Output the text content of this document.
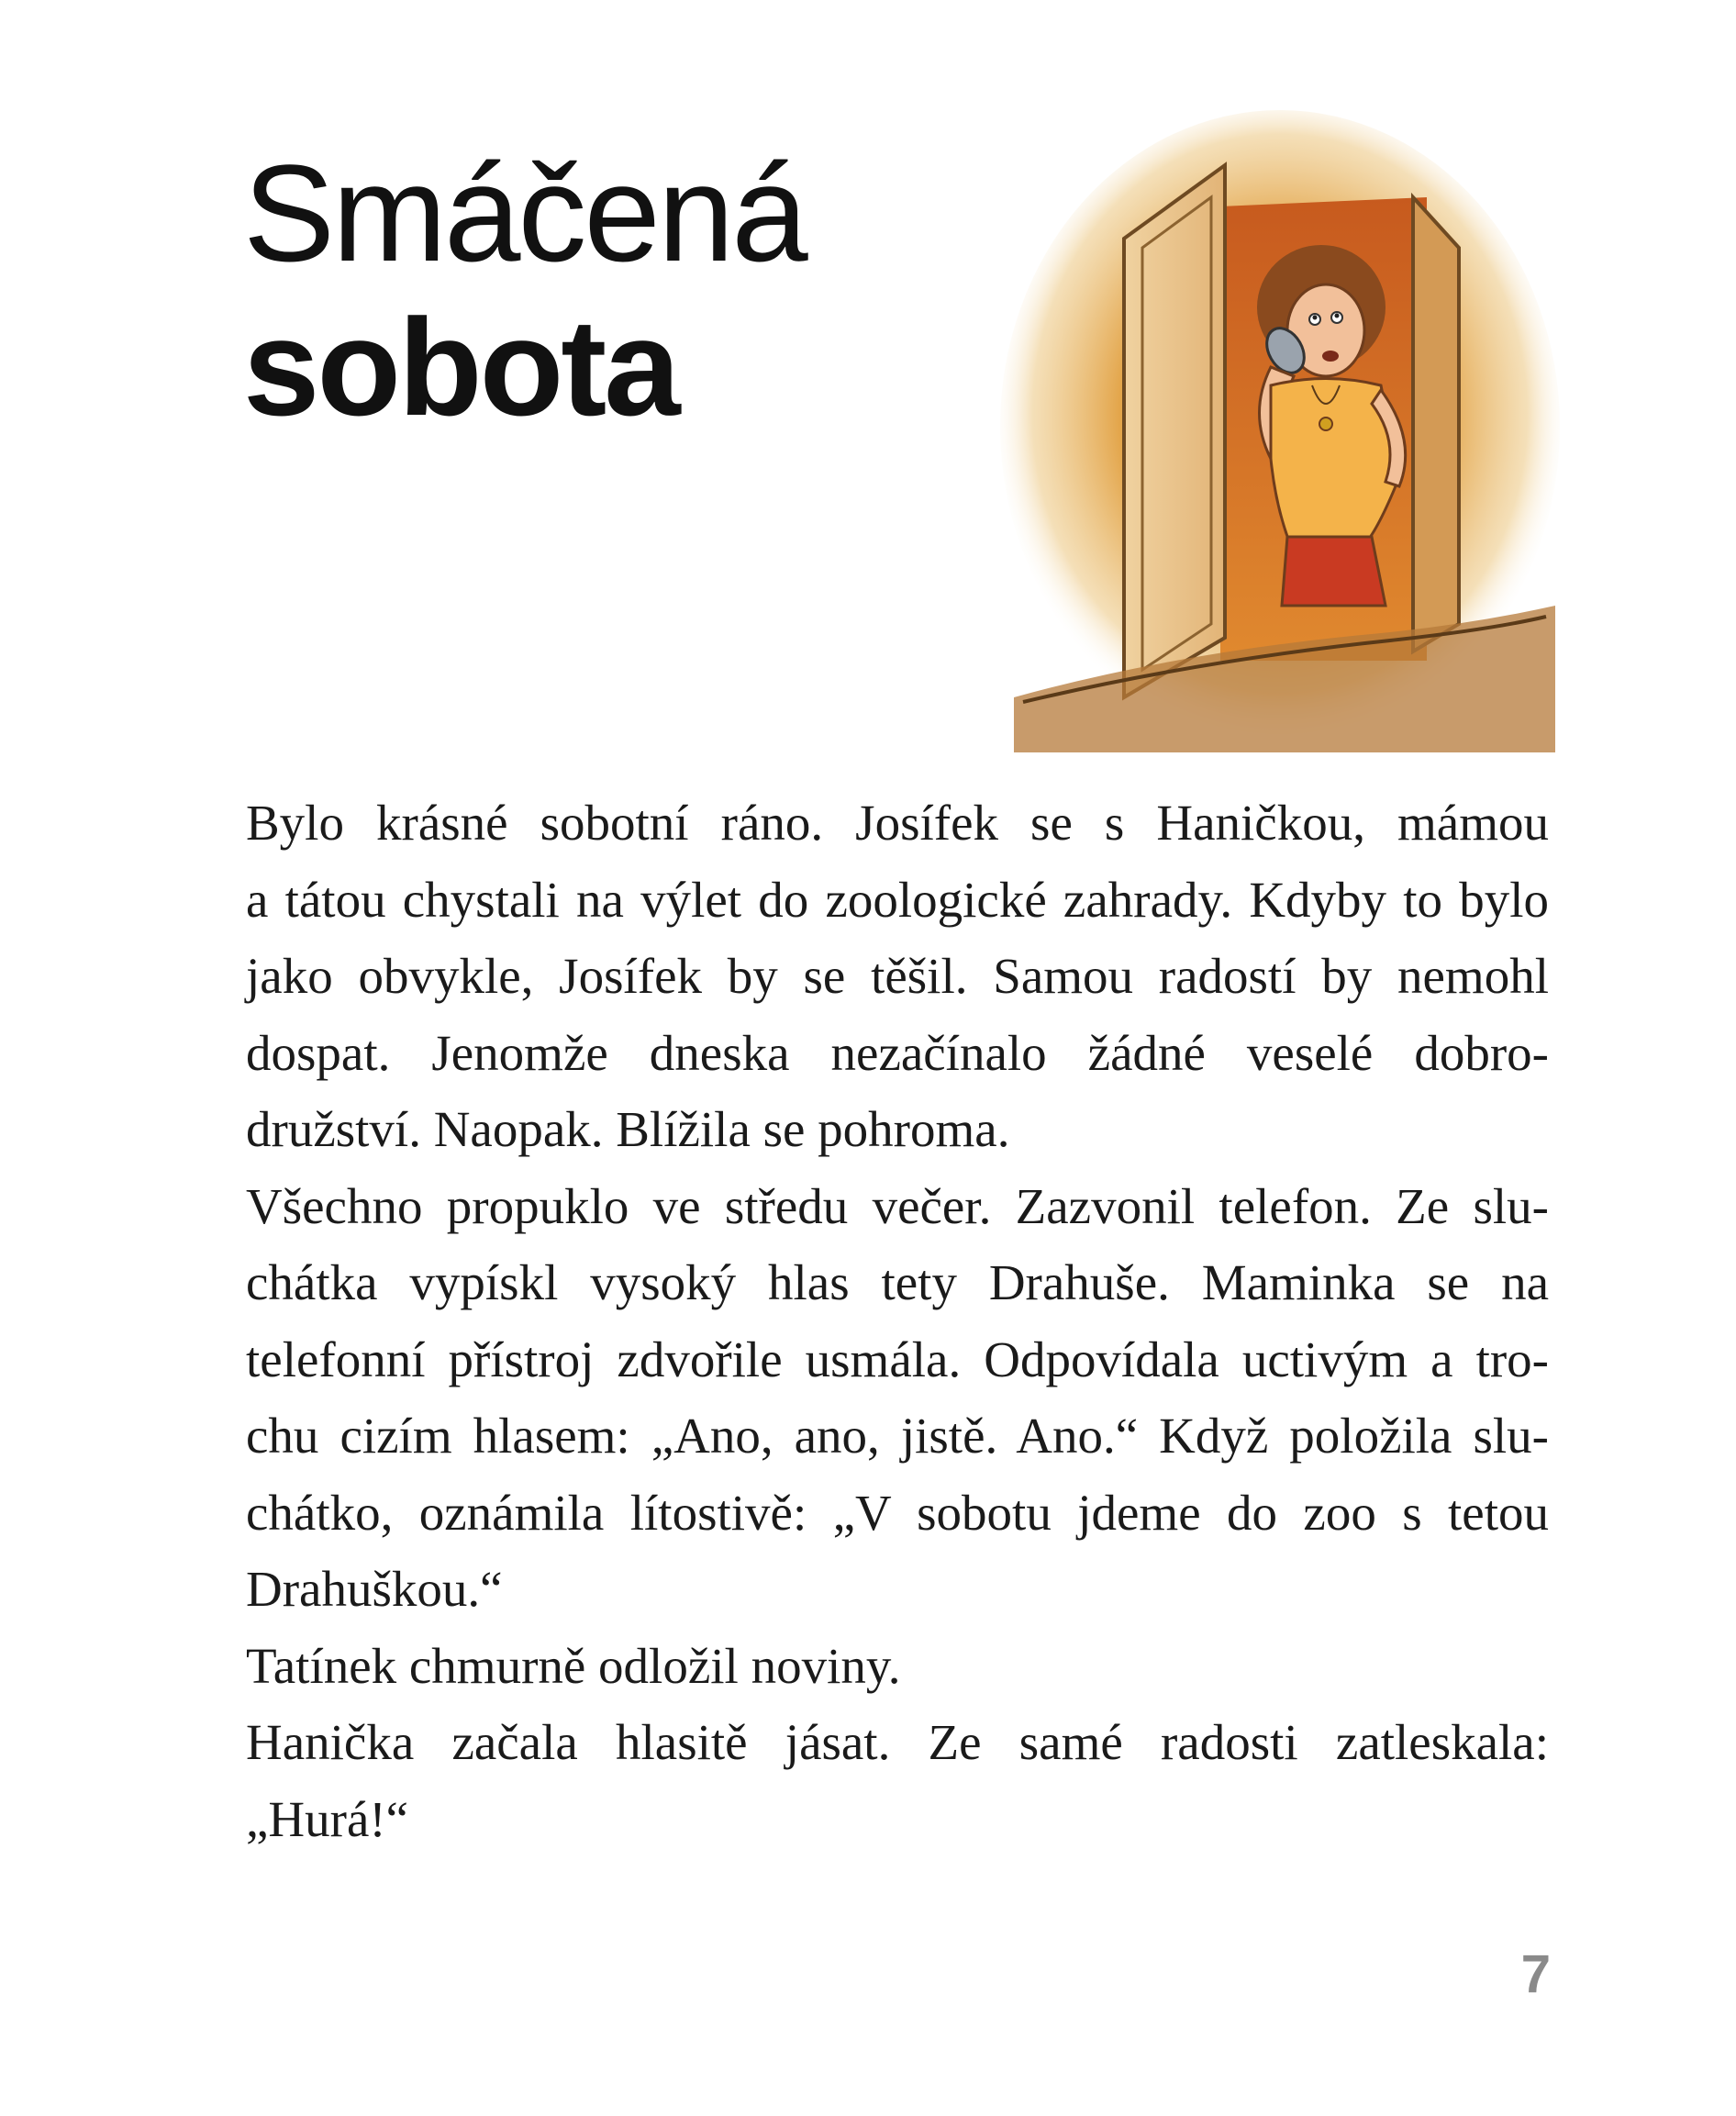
Smáčená
sobota

Bylo krásné sobotní ráno. Josífek se s Haničkou, mámou
a tátou chystali na výlet do zoologické zahrady. Kdyby to bylo
jako obvykle, Josífek by se těšil. Samou radostí by nemohl
dospat. Jenomže dneska nezačínalo žádné veselé dobro-
družství. Naopak. Blížila se pohroma.

Všechno propuklo ve středu večer. Zazvonil telefon. Ze slu-
chátka vypískl vysoký hlas tety Drahuše. Maminka se na
telefonní přístroj zdvořile usmála. Odpovídala uctivým a tro-
chu cizím hlasem: „Ano, ano, jistě. Ano.“ Když položila slu-
chátko, oznámila lítostivě: „V sobotu jdeme do zoo s tetou
Drahuškou.“

Tatínek chmurně odložil noviny.

Hanička začala hlasitě jásat. Ze samé radosti zatleskala:
„Hurá!“

7
